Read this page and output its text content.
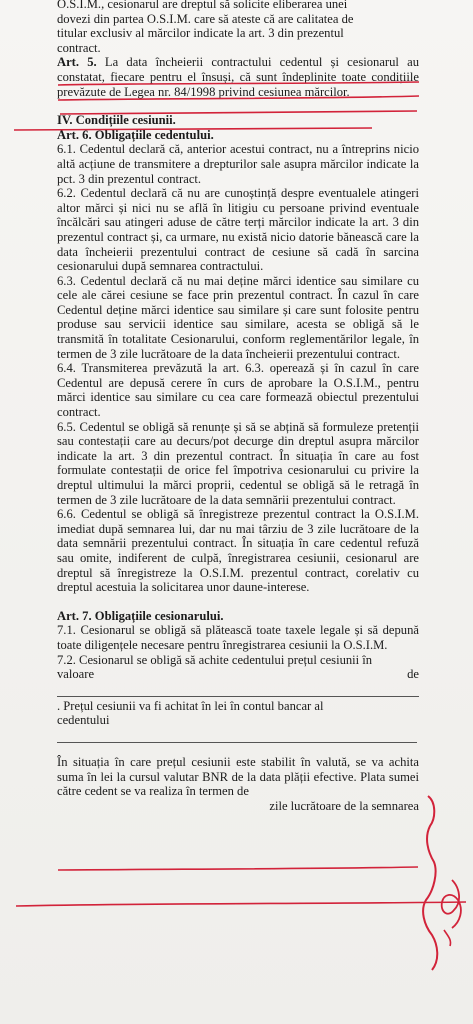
O.S.I.M., cesionarul are dreptul să solicite eliberarea unei

dovezi din partea O.S.I.M. care să ateste că are calitatea de

titular exclusiv al mărcilor indicate la art. 3 din prezentul

contract.

Art. 5. La data încheierii contractului cedentul și cesionarul au constatat, fiecare pentru el însuși, că sunt îndeplinite toate condițiile prevăzute de Legea nr. 84/1998 privind cesiunea mărcilor.

IV. Condițiile cesiunii.

Art. 6. Obligațiile cedentului.

6.1. Cedentul declară că, anterior acestui contract, nu a întreprins nicio altă acțiune de transmitere a drepturilor sale asupra mărcilor indicate la pct. 3 din prezentul contract.

6.2. Cedentul declară că nu are cunoștință despre eventualele atingeri altor mărci și nici nu se află în litigiu cu persoane privind eventuale încălcări sau atingeri aduse de către terți mărcilor indicate la art. 3 din prezentul contract și, ca urmare, nu există nicio datorie bănească care la data încheierii prezentului contract de cesiune să cadă în sarcina cesionarului după semnarea contractului.

6.3. Cedentul declară că nu mai deține mărci identice sau similare cu cele ale cărei cesiune se face prin prezentul contract. În cazul în care Cedentul deține mărci identice sau similare și care sunt folosite pentru produse sau servicii identice sau similare, acesta se obligă să le transmită în totalitate Cesionarului, conform reglementărilor legale, în termen de 3 zile lucrătoare de la data încheierii prezentului contract.

6.4. Transmiterea prevăzută la art. 6.3. operează și în cazul în care Cedentul are depusă cerere în curs de aprobare la O.S.I.M., pentru mărci identice sau similare cu cea care formează obiectul prezentului contract.

6.5. Cedentul se obligă să renunțe și să se abțină să formuleze pretenții sau contestații care au decurs/pot decurge din dreptul asupra mărcilor indicate la art. 3 din prezentul contract. În situația în care au fost formulate contestații de orice fel împotriva cesionarului cu privire la dreptul ultimului la mărci proprii, cedentul se obligă să le retragă în termen de 3 zile lucrătoare de la data semnării prezentului contract.

6.6. Cedentul se obligă să înregistreze prezentul contract la O.S.I.M. imediat după semnarea lui, dar nu mai târziu de 3 zile lucrătoare de la data semnării prezentului contract. În situația în care cedentul refuză sau omite, indiferent de culpă, înregistrarea cesiunii, cesionarul are dreptul să înregistreze la O.S.I.M. prezentul contract, corelativ cu dreptul acestuia la solicitarea unor daune-interese.

Art. 7. Obligațiile cesionarului.

7.1. Cesionarul se obligă să plătească toate taxele legale și să depună toate diligențele necesare pentru înregistrarea cesiunii la O.S.I.M.

7.2. Cesionarul se obligă să achite cedentului prețul cesiunii în

valoare	de

. Prețul cesiunii va fi achitat în lei în contul bancar al

cedentului

În situația în care prețul cesiunii este stabilit în valută, se va achita suma în lei la cursul valutar BNR de la data plății efective. Plata sumei către cedent se va realiza în termen de

zile lucrătoare de la semnarea
